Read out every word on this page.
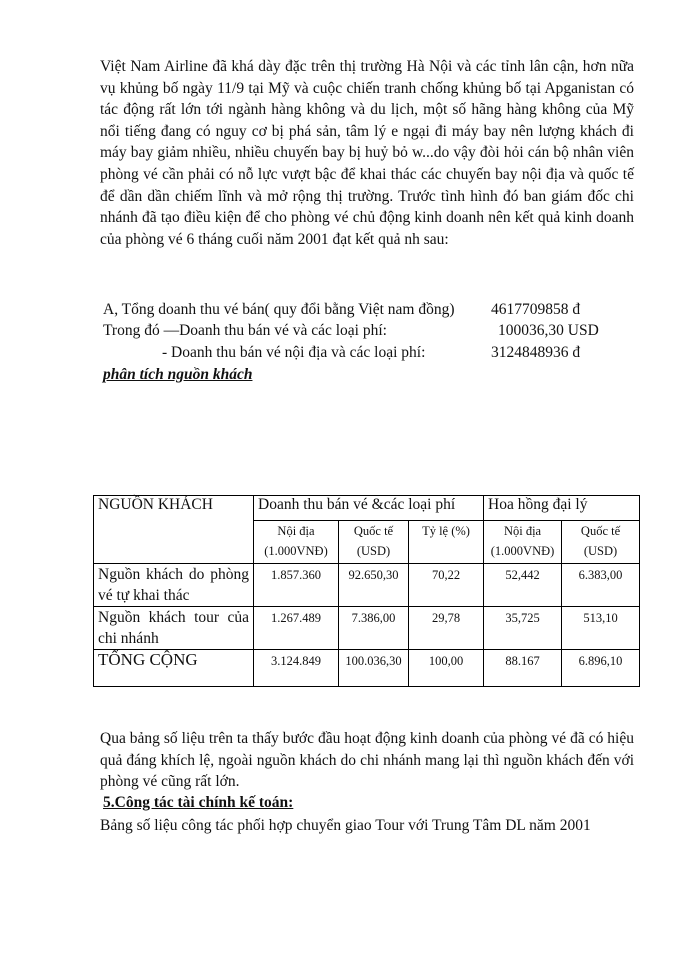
Việt Nam Airline đã khá dày đặc trên thị trường Hà Nội và các tỉnh lân cận, hơn nữa vụ khủng bố ngày 11/9 tại Mỹ và cuộc chiến tranh chống khủng bố tại Apganistan có tác động rất lớn tới ngành hàng không và du lịch, một số hãng hàng không của Mỹ nổi tiếng đang có nguy cơ bị phá sản, tâm lý e ngại đi máy bay nên lượng khách đi máy bay giảm nhiều, nhiều chuyến bay bị huỷ bỏ w...do vậy đòi hỏi cán bộ nhân viên phòng vé cần phải có nỗ lực vượt bậc để khai thác các chuyến bay nội địa và quốc tế để dần dần chiếm lĩnh và mở rộng thị trường. Trước tình hình đó ban giám đốc chi nhánh đã tạo điều kiện để cho phòng vé chủ động kinh doanh nên kết quả kinh doanh của phòng vé 6 tháng cuối năm 2001 đạt kết quả nh sau:

A, Tổng doanh thu vé bán( quy đổi bằng Việt nam đồng) 4617709858 đ
Trong đó —Doanh thu bán vé và các loại phí:	100036,30 USD
- Doanh thu bán vé nội địa và các loại phí:	3124848936 đ
phân tích nguồn khách
NGUỒN KHÁCH	Doanh thu bán vé &các loại phí			Hoa hồng đại lý	
	Nội địa (1.000VNĐ)	Quốc tế (USD)	Tỷ lệ (%)	Nội địa (1.000VNĐ)	Quốc tế (USD)
Nguồn khách do phòng vé tự khai thác	1.857.360	92.650,30	70,22	52,442	6.383,00
Nguồn khách tour của chi nhánh	1.267.489	7.386,00	29,78	35,725	513,10
TỔNG CỘNG	3.124.849	100.036,30	100,00	88.167	6.896,10

Qua bảng số liệu trên ta thấy bước đầu hoạt động kinh doanh của phòng vé đã có hiệu quả đáng khích lệ, ngoài nguồn khách do chi nhánh mang lại thì nguồn khách đến với phòng vé cũng rất lớn.

5.Công tác tài chính kế toán:
Bảng số liệu công tác phối hợp chuyển giao Tour với Trung Tâm DL năm 2001
